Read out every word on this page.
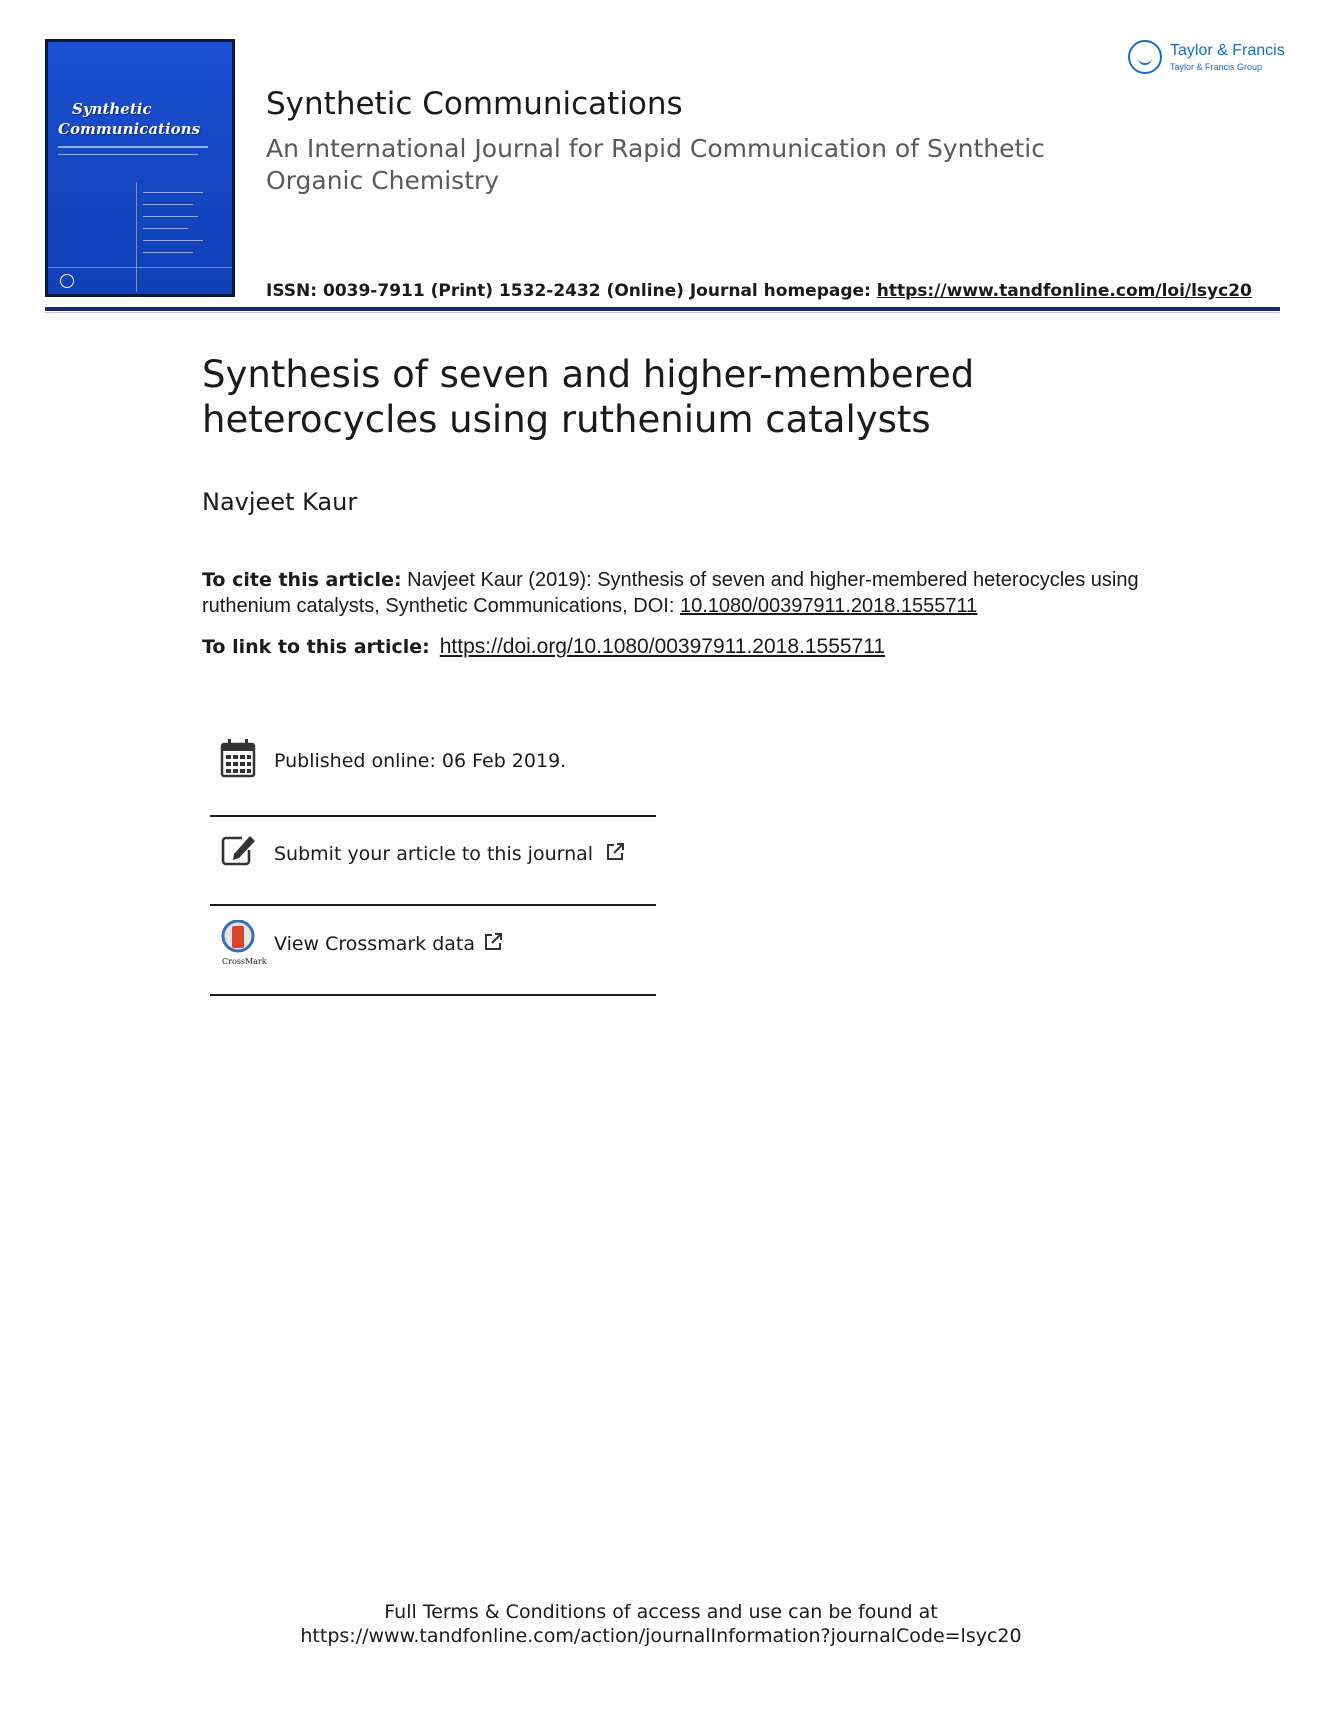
Synthetic
Communications
Synthetic Communications
An International Journal for Rapid Communication of Synthetic Organic Chemistry
ISSN: 0039-7911 (Print) 1532-2432 (Online) Journal homepage: https://www.tandfonline.com/loi/lsyc20
Taylor & Francis
Taylor & Francis Group
Synthesis of seven and higher-membered heterocycles using ruthenium catalysts
Navjeet Kaur
To cite this article: Navjeet Kaur (2019): Synthesis of seven and higher-membered heterocycles using ruthenium catalysts, Synthetic Communications, DOI: 10.1080/00397911.2018.1555711
To link to this article: https://doi.org/10.1080/00397911.2018.1555711
Published online: 06 Feb 2019.
Submit your article to this journal
CrossMark
View Crossmark data
Full Terms & Conditions of access and use can be found at
https://www.tandfonline.com/action/journalInformation?journalCode=lsyc20
